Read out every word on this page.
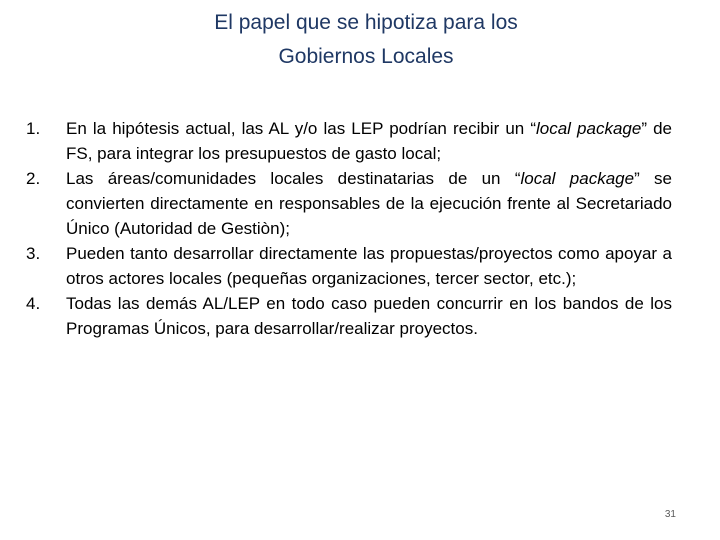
El papel que se hipotiza para los
Gobiernos Locales
1.	En la hipótesis actual, las AL y/o las LEP podrían recibir un “local package” de FS, para integrar los presupuestos de gasto local;
2.	Las áreas/comunidades locales destinatarias de un “local package” se convierten directamente en responsables de la ejecución frente al Secretariado Único (Autoridad de Gestiòn);
3.	Pueden tanto desarrollar directamente las propuestas/proyectos como apoyar a otros actores locales (pequeñas organizaciones, tercer sector, etc.);
4.	Todas las demás AL/LEP en todo caso pueden concurrir en los bandos de los Programas Únicos, para desarrollar/realizar proyectos.
31
